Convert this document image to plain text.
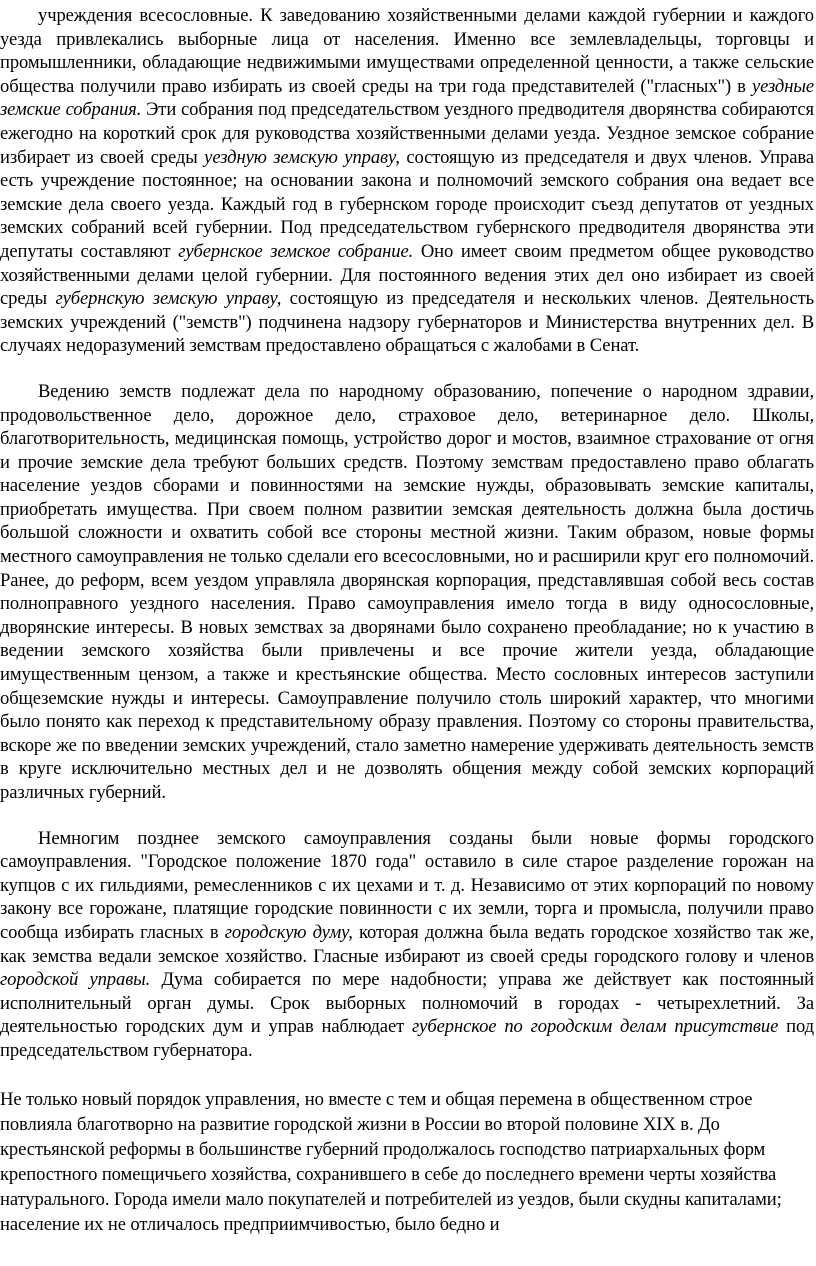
учреждения всесословные. К заведованию хозяйственными делами каждой губернии и каждого уезда привлекались выборные лица от населения. Именно все землевладельцы, торговцы и промышленники, обладающие недвижимыми имуществами определенной ценности, а также сельские общества получили право избирать из своей среды на три года представителей ("гласных") в уездные земские собрания. Эти собрания под председательством уездного предводителя дворянства собираются ежегодно на короткий срок для руководства хозяйственными делами уезда. Уездное земское собрание избирает из своей среды уездную земскую управу, состоящую из председателя и двух членов. Управа есть учреждение постоянное; на основании закона и полномочий земского собрания она ведает все земские дела своего уезда. Каждый год в губернском городе происходит съезд депутатов от уездных земских собраний всей губернии. Под председательством губернского предводителя дворянства эти депутаты составляют губернское земское собрание. Оно имеет своим предметом общее руководство хозяйственными делами целой губернии. Для постоянного ведения этих дел оно избирает из своей среды губернскую земскую управу, состоящую из председателя и нескольких членов. Деятельность земских учреждений ("земств") подчинена надзору губернаторов и Министерства внутренних дел. В случаях недоразумений земствам предоставлено обращаться с жалобами в Сенат.

Ведению земств подлежат дела по народному образованию, попечение о народном здравии, продовольственное дело, дорожное дело, страховое дело, ветеринарное дело. Школы, благотворительность, медицинская помощь, устройство дорог и мостов, взаимное страхование от огня и прочие земские дела требуют больших средств. Поэтому земствам предоставлено право облагать население уездов сборами и повинностями на земские нужды, образовывать земские капиталы, приобретать имущества. При своем полном развитии земская деятельность должна была достичь большой сложности и охватить собой все стороны местной жизни. Таким образом, новые формы местного самоуправления не только сделали его всесословными, но и расширили круг его полномочий. Ранее, до реформ, всем уездом управляла дворянская корпорация, представлявшая собой весь состав полноправного уездного населения. Право самоуправления имело тогда в виду односословные, дворянские интересы. В новых земствах за дворянами было сохранено преобладание; но к участию в ведении земского хозяйства были привлечены и все прочие жители уезда, обладающие имущественным цензом, а также и крестьянские общества. Место сословных интересов заступили общеземские нужды и интересы. Самоуправление получило столь широкий характер, что многими было понято как переход к представительному образу правления. Поэтому со стороны правительства, вскоре же по введении земских учреждений, стало заметно намерение удерживать деятельность земств в круге исключительно местных дел и не дозволять общения между собой земских корпораций различных губерний.

Немногим позднее земского самоуправления созданы были новые формы городского самоуправления. "Городское положение 1870 года" оставило в силе старое разделение горожан на купцов с их гильдиями, ремесленников с их цехами и т. д. Независимо от этих корпораций по новому закону все горожане, платящие городские повинности с их земли, торга и промысла, получили право сообща избирать гласных в городскую думу, которая должна была ведать городское хозяйство так же, как земства ведали земское хозяйство. Гласные избирают из своей среды городского голову и членов городской управы. Дума собирается по мере надобности; управа же действует как постоянный исполнительный орган думы. Срок выборных полномочий в городах - четырехлетний. За деятельностью городских дум и управ наблюдает губернское по городским делам присутствие под председательством губернатора.

Не только новый порядок управления, но вместе с тем и общая перемена в общественном строе повлияла благотворно на развитие городской жизни в России во второй половине XIX в. До крестьянской реформы в большинстве губерний продолжалось господство патриархальных форм крепостного помещичьего хозяйства, сохранившего в себе до последнего времени черты хозяйства натурального. Города имели мало покупателей и потребителей из уездов, были скудны капиталами; население их не отличалось предприимчивостью, было бедно и
